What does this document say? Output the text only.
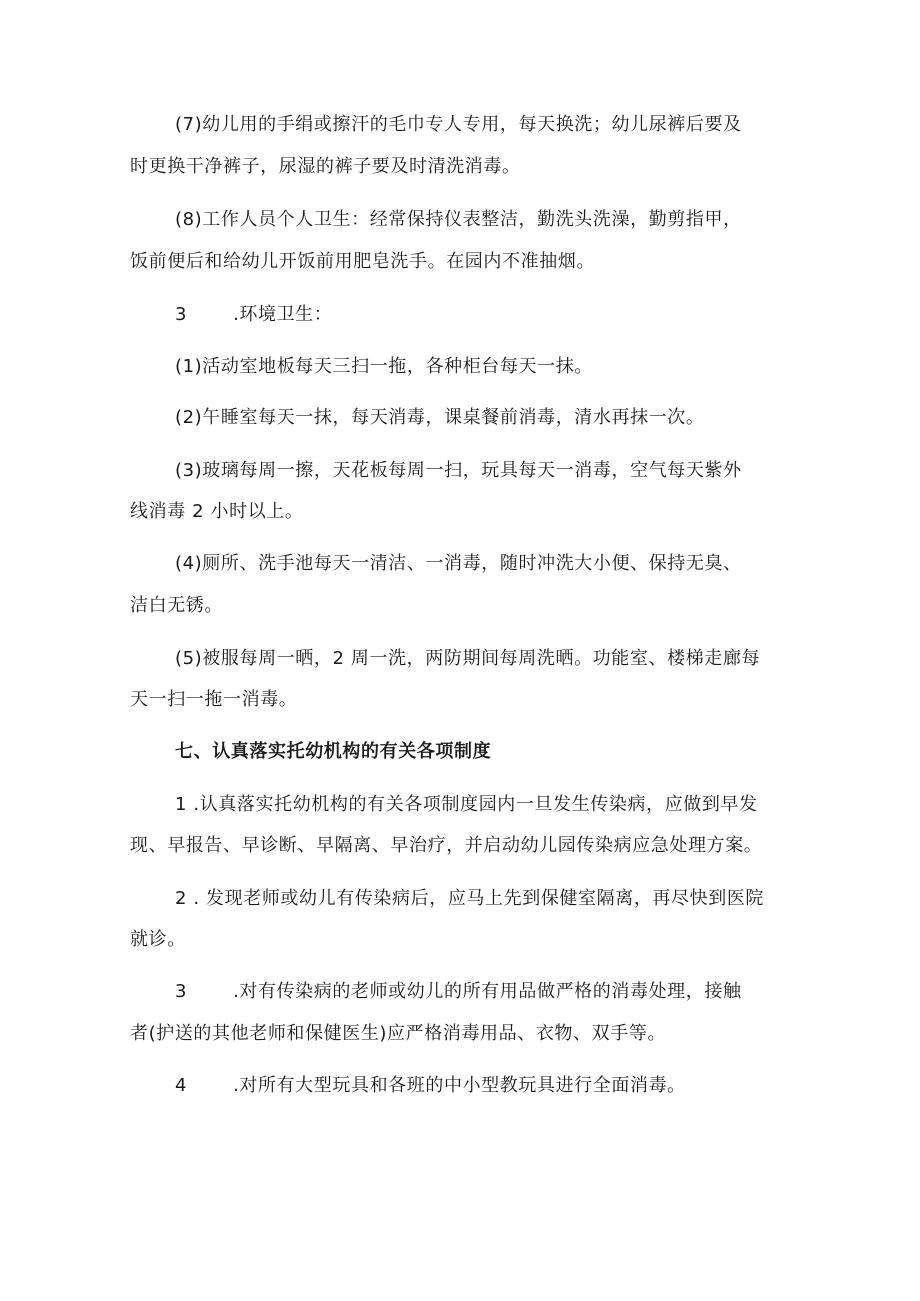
(7)幼儿用的手绢或擦汗的毛巾专人专用，每天换洗；幼儿尿裤后要及
时更换干净裤子，尿湿的裤子要及时清洗消毒。
(8)工作人员个人卫生：经常保持仪表整洁，勤洗头洗澡，勤剪指甲，
饭前便后和给幼儿开饭前用肥皂洗手。在园内不准抽烟。
3	.环境卫生：
(1)活动室地板每天三扫一拖，各种柜台每天一抹。
(2)午睡室每天一抹，每天消毒，课桌餐前消毒，清水再抹一次。
(3)玻璃每周一擦，天花板每周一扫，玩具每天一消毒，空气每天紫外
线消毒 2 小时以上。
(4)厕所、洗手池每天一清洁、一消毒，随时冲洗大小便、保持无臭、
洁白无锈。
(5)被服每周一晒，2 周一洗，两防期间每周洗晒。功能室、楼梯走廊每
天一扫一拖一消毒。
七、认真落实托幼机构的有关各项制度
1 .认真落实托幼机构的有关各项制度园内一旦发生传染病，应做到早发
现、早报告、早诊断、早隔离、早治疗，并启动幼儿园传染病应急处理方案。
2 . 发现老师或幼儿有传染病后，应马上先到保健室隔离，再尽快到医院
就诊。
3	.对有传染病的老师或幼儿的所有用品做严格的消毒处理，接触
者(护送的其他老师和保健医生)应严格消毒用品、衣物、双手等。
4	.对所有大型玩具和各班的中小型教玩具进行全面消毒。
